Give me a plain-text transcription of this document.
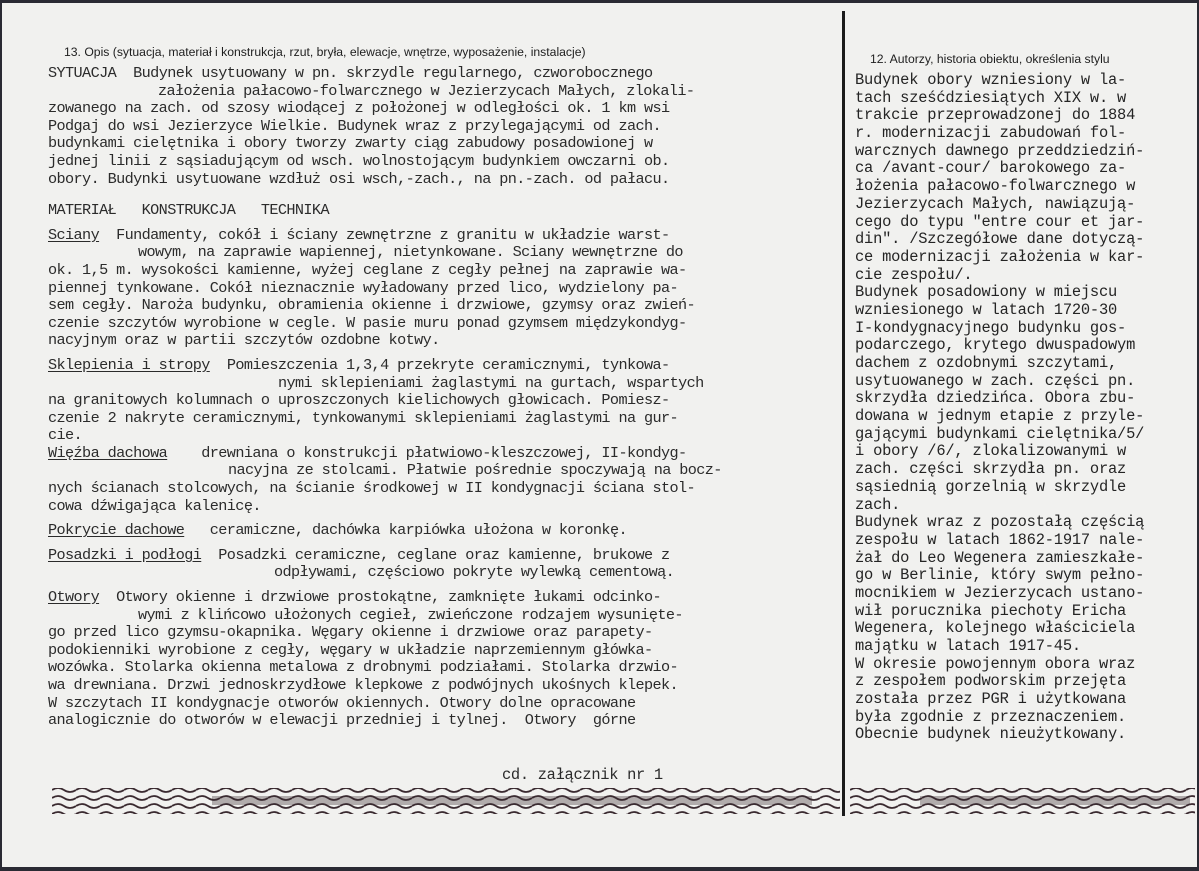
13. Opis (sytuacja, materiał i konstrukcja, rzut, bryła, elewacje, wnętrze, wyposażenie, instalacje)
SYTUACJA Budynek usytuowany w pn. skrzydle regularnego, czworobocznego
założenia pałacowo-folwarcznego w Jezierzycach Małych, zlokali-
zowanego na zach. od szosy wiodącej z położonej w odległości ok. 1 km wsi
Podgaj do wsi Jezierzyce Wielkie. Budynek wraz z przylegającymi od zach.
budynkami cielętnika i obory tworzy zwarty ciąg zabudowy posadowionej w
jednej linii z sąsiadującym od wsch. wolnostojącym budynkiem owczarni ob.
obory. Budynki usytuowane wzdłuż osi wsch,-zach., na pn.-zach. od pałacu.
MATERIAŁ   KONSTRUKCJA   TECHNIKA
Sciany Fundamenty, cokół i ściany zewnętrzne z granitu w układzie warst-
wowym, na zaprawie wapiennej, nietynkowane. Sciany wewnętrzne do
ok. 1,5 m. wysokości kamienne, wyżej ceglane z cegły pełnej na zaprawie wa-
piennej tynkowane. Cokół nieznacznie wyładowany przed lico, wydzielony pa-
sem cegły. Naroża budynku, obramienia okienne i drzwiowe, gzymsy oraz zwień-
czenie szczytów wyrobione w cegle. W pasie muru ponad gzymsem międzykondyg-
nacyjnym oraz w partii szczytów ozdobne kotwy.
Sklepienia i stropy Pomieszczenia 1,3,4 przekryte ceramicznymi, tynkowa-
nymi sklepieniami żaglastymi na gurtach, wspartych
na granitowych kolumnach o uproszczonych kielichowych głowicach. Pomiesz-
czenie 2 nakryte ceramicznymi, tynkowanymi sklepieniami żaglastymi na gur-
cie.
Więźba dachowa drewniana o konstrukcji płatwiowo-kleszczowej, II-kondyg-
nacyjna ze stolcami. Płatwie pośrednie spoczywają na bocz-
nych ścianach stolcowych, na ścianie środkowej w II kondygnacji ściana stol-
cowa dźwigająca kalenicę.
Pokrycie dachowe ceramiczne, dachówka karpiówka ułożona w koronkę.
Posadzki i podłogi Posadzki ceramiczne, ceglane oraz kamienne, brukowe z
odpływami, częściowo pokryte wylewką cementową.
Otwory Otwory okienne i drzwiowe prostokątne, zamknięte łukami odcinko-
wymi z klińcowo ułożonych cegieł, zwieńczone rodzajem wysunięte-
go przed lico gzymsu-okapnika. Węgary okienne i drzwiowe oraz parapety-
podokienniki wyrobione z cegły, węgary w układzie naprzemiennym główka-
wozówka. Stolarka okienna metalowa z drobnymi podziałami. Stolarka drzwio-
wa drewniana. Drzwi jednoskrzydłowe klepkowe z podwójnych ukośnych klepek.
W szczytach II kondygnacje otworów okiennych. Otwory dolne opracowane
analogicznie do otworów w elewacji przedniej i tylnej.  Otwory  górne
cd. załącznik nr 1
12. Autorzy, historia obiektu, określenia stylu
Budynek obory wzniesiony w la-
tach sześćdziesiątych XIX w. w
trakcie przeprowadzonej do 1884
r. modernizacji zabudowań fol-
warcznych dawnego przeddziedziń-
ca /avant-cour/ barokowego za-
łożenia pałacowo-folwarcznego w
Jezierzycach Małych, nawiązują-
cego do typu "entre cour et jar-
din". /Szczegółowe dane dotyczą-
ce modernizacji założenia w kar-
cie zespołu/.
Budynek posadowiony w miejscu
wzniesionego w latach 1720-30
I-kondygnacyjnego budynku gos-
podarczego, krytego dwuspadowym
dachem z ozdobnymi szczytami,
usytuowanego w zach. części pn.
skrzydła dziedzińca. Obora zbu-
dowana w jednym etapie z przyle-
gającymi budynkami cielętnika/5/
i obory /6/, zlokalizowanymi w
zach. części skrzydła pn. oraz
sąsiednią gorzelnią w skrzydle
zach.
Budynek wraz z pozostałą częścią
zespołu w latach 1862-1917 nale-
żał do Leo Wegenera zamieszkałe-
go w Berlinie, który swym pełno-
mocnikiem w Jezierzycach ustano-
wił porucznika piechoty Ericha
Wegenera, kolejnego właściciela
majątku w latach 1917-45.
W okresie powojennym obora wraz
z zespołem podworskim przejęta
została przez PGR i użytkowana
była zgodnie z przeznaczeniem.
Obecnie budynek nieużytkowany.
